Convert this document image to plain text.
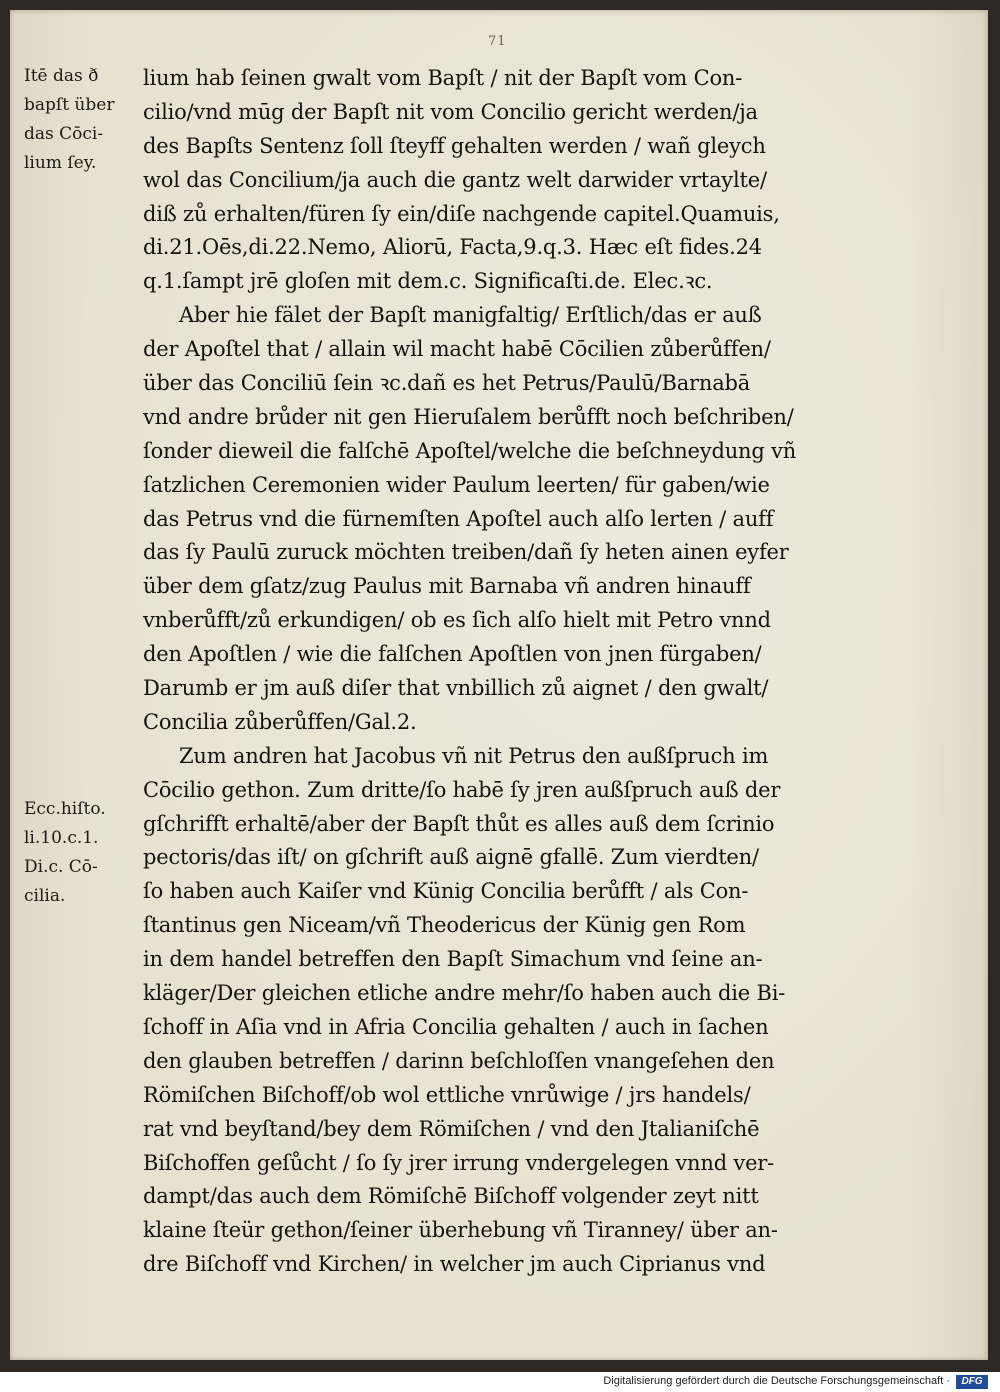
71
Itē das ð
bapſt über
das Cōci‑
lium ſey.
Ecc.hiſto.
li.10.c.1.
Di.c. Cō‑
cilia.
lium hab ſeinen gwalt vom Bapſt / nit der Bapſt vom Con‑
cilio/vnd mūg der Bapſt nit vom Concilio gericht werden/ja
des Bapſts Sentenz ſoll ſteyff gehalten werden / wañ gleych
wol das Concilium/ja auch die gantz welt darwider vrtaylte/
diß zů erhalten/füren ſy ein/diſe nachgende capitel.Quamuis,
di.21.Oēs,di.22.Nemo, Aliorū, Facta,9.q.3. Hæc eſt fides.24
q.1.ſampt jrē gloſen mit dem.c. Significaſti.de. Elec.ꝛc.
Aber hie fälet der Bapſt manigfaltig/ Erſtlich/das er auß
der Apoſtel that / allain wil macht habē Cōcilien zůberůffen/
über das Conciliū ſein ꝛc.dañ es het Petrus/Paulū/Barnabā
vnd andre brůder nit gen Hieruſalem berůfft noch beſchriben/
ſonder dieweil die falſchē Apoſtel/welche die beſchneydung vñ
ſatzlichen Ceremonien wider Paulum leerten/ für gaben/wie
das Petrus vnd die fürnemſten Apoſtel auch alſo lerten / auff
das ſy Paulū zuruck möchten treiben/dañ ſy heten ainen eyfer
über dem gſatz/zug Paulus mit Barnaba vñ andren hinauff
vnberůfft/zů erkundigen/ ob es ſich alſo hielt mit Petro vnnd
den Apoſtlen / wie die falſchen Apoſtlen von jnen fürgaben/
Darumb er jm auß diſer that vnbillich zů aignet / den gwalt/
Concilia zůberůffen/Gal.2.
Zum andren hat Jacobus vñ nit Petrus den außſpruch im
Cōcilio gethon. Zum dritte/ſo habē ſy jren außſpruch auß der
gſchrifft erhaltē/aber der Bapſt thůt es alles auß dem ſcrinio
pectoris/das iſt/ on gſchrift auß aignē gfallē. Zum vierdten/
ſo haben auch Kaiſer vnd Künig Concilia berůfft / als Con‑
ſtantinus gen Niceam/vñ Theodericus der Künig gen Rom
in dem handel betreffen den Bapſt Simachum vnd ſeine an‑
kläger/Der gleichen etliche andre mehr/ſo haben auch die Bi‑
ſchoff in Aſia vnd in Afria Concilia gehalten / auch in ſachen
den glauben betreffen / darinn beſchloſſen vnangeſehen den
Römiſchen Biſchoff/ob wol ettliche vnrůwige / jrs handels/
rat vnd beyſtand/bey dem Römiſchen / vnd den Jtalianiſchē
Biſchoffen geſůcht / ſo ſy jrer irrung vndergelegen vnnd ver‑
dampt/das auch dem Römiſchē Biſchoff volgender zeyt nitt
klaine ſteür gethon/ſeiner überhebung vñ Tiranney/ über an‑
dre Biſchoff vnd Kirchen/ in welcher jm auch Ciprianus vnd
Digitalisierung gefördert durch die Deutsche Forschungsgemeinschaft ·	DFG
